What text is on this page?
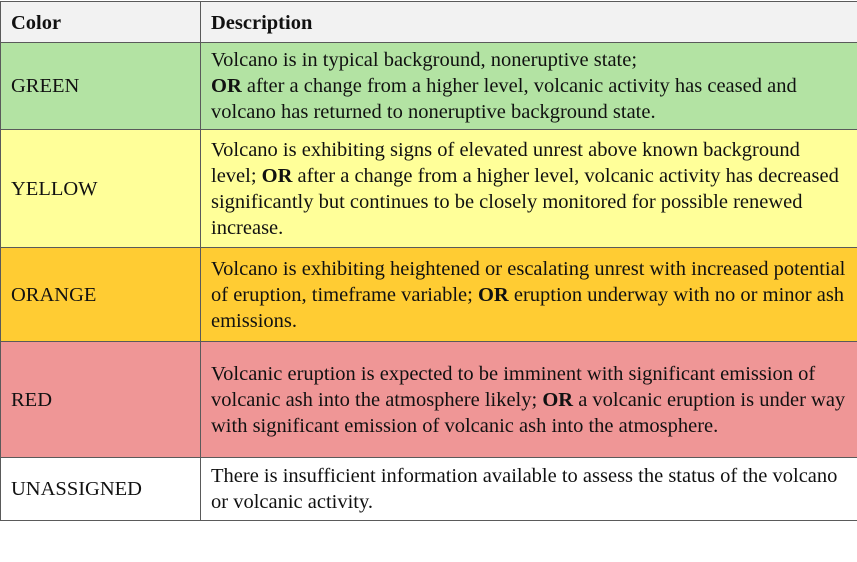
Color	Description
GREEN	Volcano is in typical background, noneruptive state;
OR after a change from a higher level, volcanic activity has ceased and volcano has returned to noneruptive background state.
YELLOW	Volcano is exhibiting signs of elevated unrest above known background level; OR after a change from a higher level, volcanic activity has decreased significantly but continues to be closely monitored for possible renewed increase.
ORANGE	Volcano is exhibiting heightened or escalating unrest with increased potential of eruption, timeframe variable; OR eruption underway with no or minor ash emissions.
RED	Volcanic eruption is expected to be imminent with significant emission of volcanic ash into the atmosphere likely; OR a volcanic eruption is under way with significant emission of volcanic ash into the atmosphere.
UNASSIGNED	There is insufficient information available to assess the status of the volcano or volcanic activity.
